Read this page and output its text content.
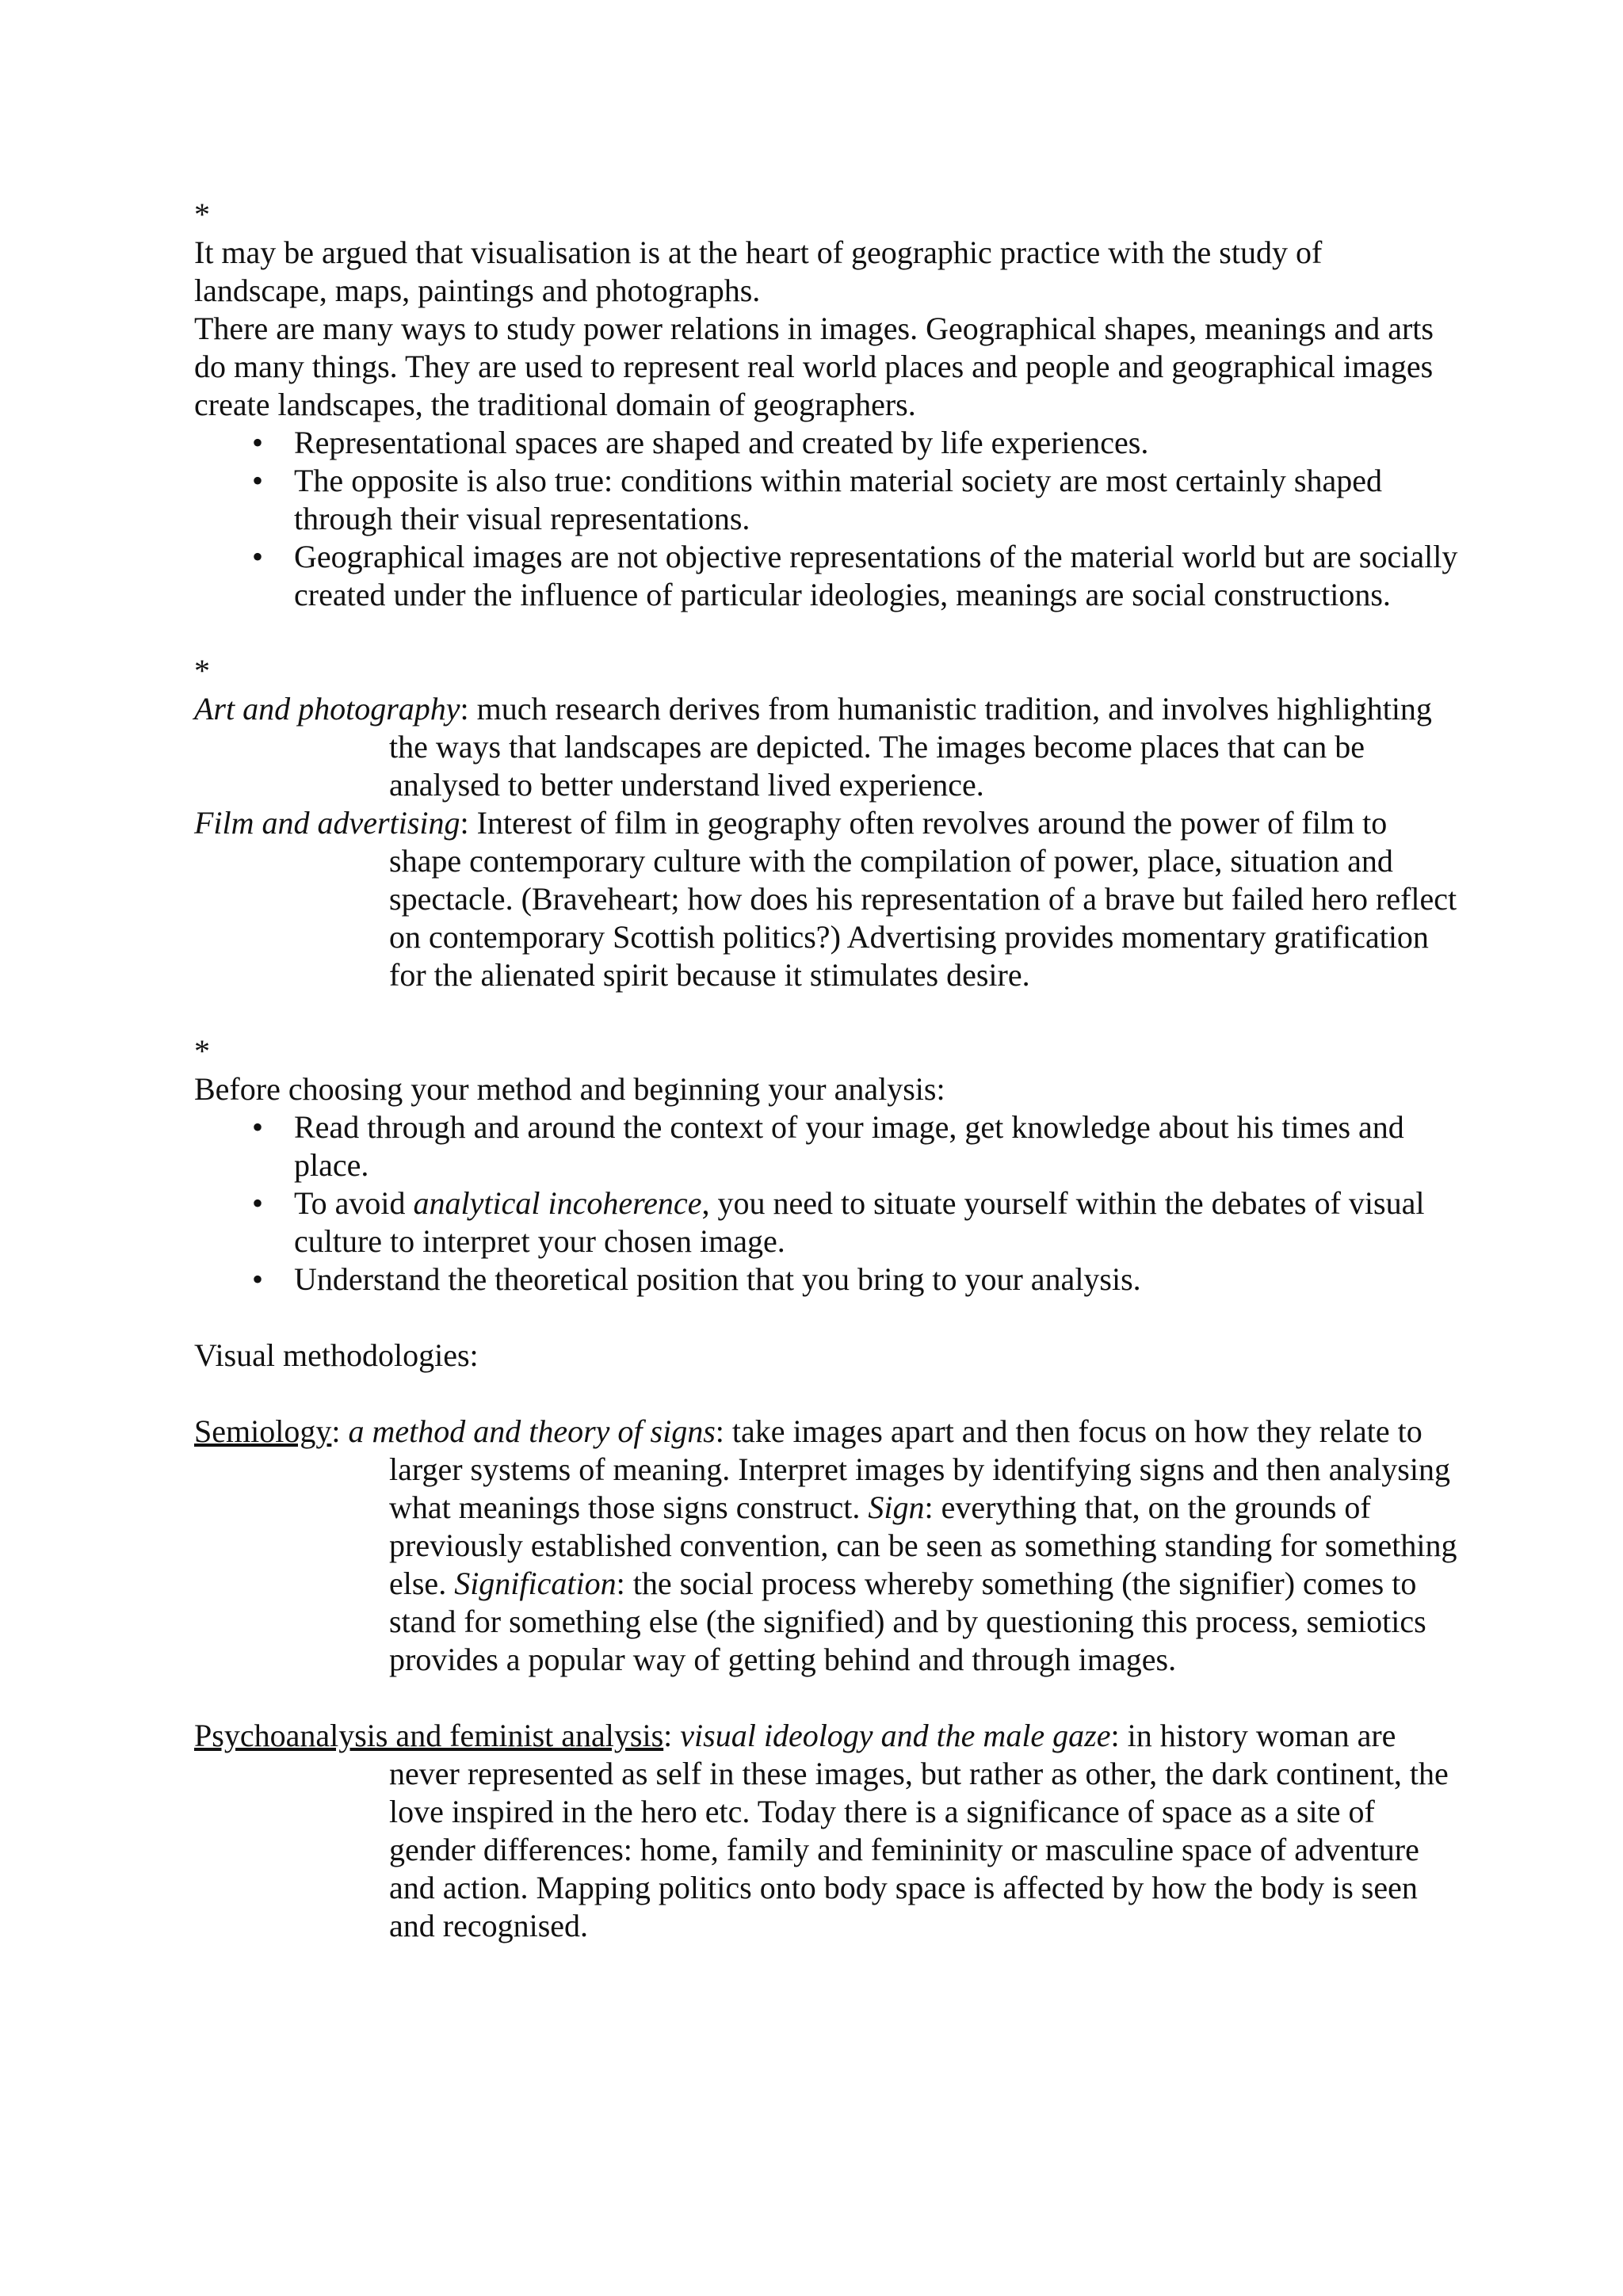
*

It may be argued that visualisation is at the heart of geographic practice with the study of landscape, maps, paintings and photographs.

There are many ways to study power relations in images. Geographical shapes, meanings and arts do many things. They are used to represent real world places and people and geographical images create landscapes, the traditional domain of geographers.

• Representational spaces are shaped and created by life experiences.
• The opposite is also true: conditions within material society are most certainly shaped through their visual representations.
• Geographical images are not objective representations of the material world but are socially created under the influence of particular ideologies, meanings are social constructions.

*

Art and photography: much research derives from humanistic tradition, and involves highlighting the ways that landscapes are depicted. The images become places that can be analysed to better understand lived experience.

Film and advertising: Interest of film in geography often revolves around the power of film to shape contemporary culture with the compilation of power, place, situation and spectacle. (Braveheart; how does his representation of a brave but failed hero reflect on contemporary Scottish politics?) Advertising provides momentary gratification for the alienated spirit because it stimulates desire.

*

Before choosing your method and beginning your analysis:

• Read through and around the context of your image, get knowledge about his times and place.
• To avoid analytical incoherence, you need to situate yourself within the debates of visual culture to interpret your chosen image.
• Understand the theoretical position that you bring to your analysis.

Visual methodologies:

Semiology: a method and theory of signs: take images apart and then focus on how they relate to larger systems of meaning. Interpret images by identifying signs and then analysing what meanings those signs construct. Sign: everything that, on the grounds of previously established convention, can be seen as something standing for something else. Signification: the social process whereby something (the signifier) comes to stand for something else (the signified) and by questioning this process, semiotics provides a popular way of getting behind and through images.

Psychoanalysis and feminist analysis: visual ideology and the male gaze: in history woman are never represented as self in these images, but rather as other, the dark continent, the love inspired in the hero etc. Today there is a significance of space as a site of gender differences: home, family and femininity or masculine space of adventure and action. Mapping politics onto body space is affected by how the body is seen and recognised.
